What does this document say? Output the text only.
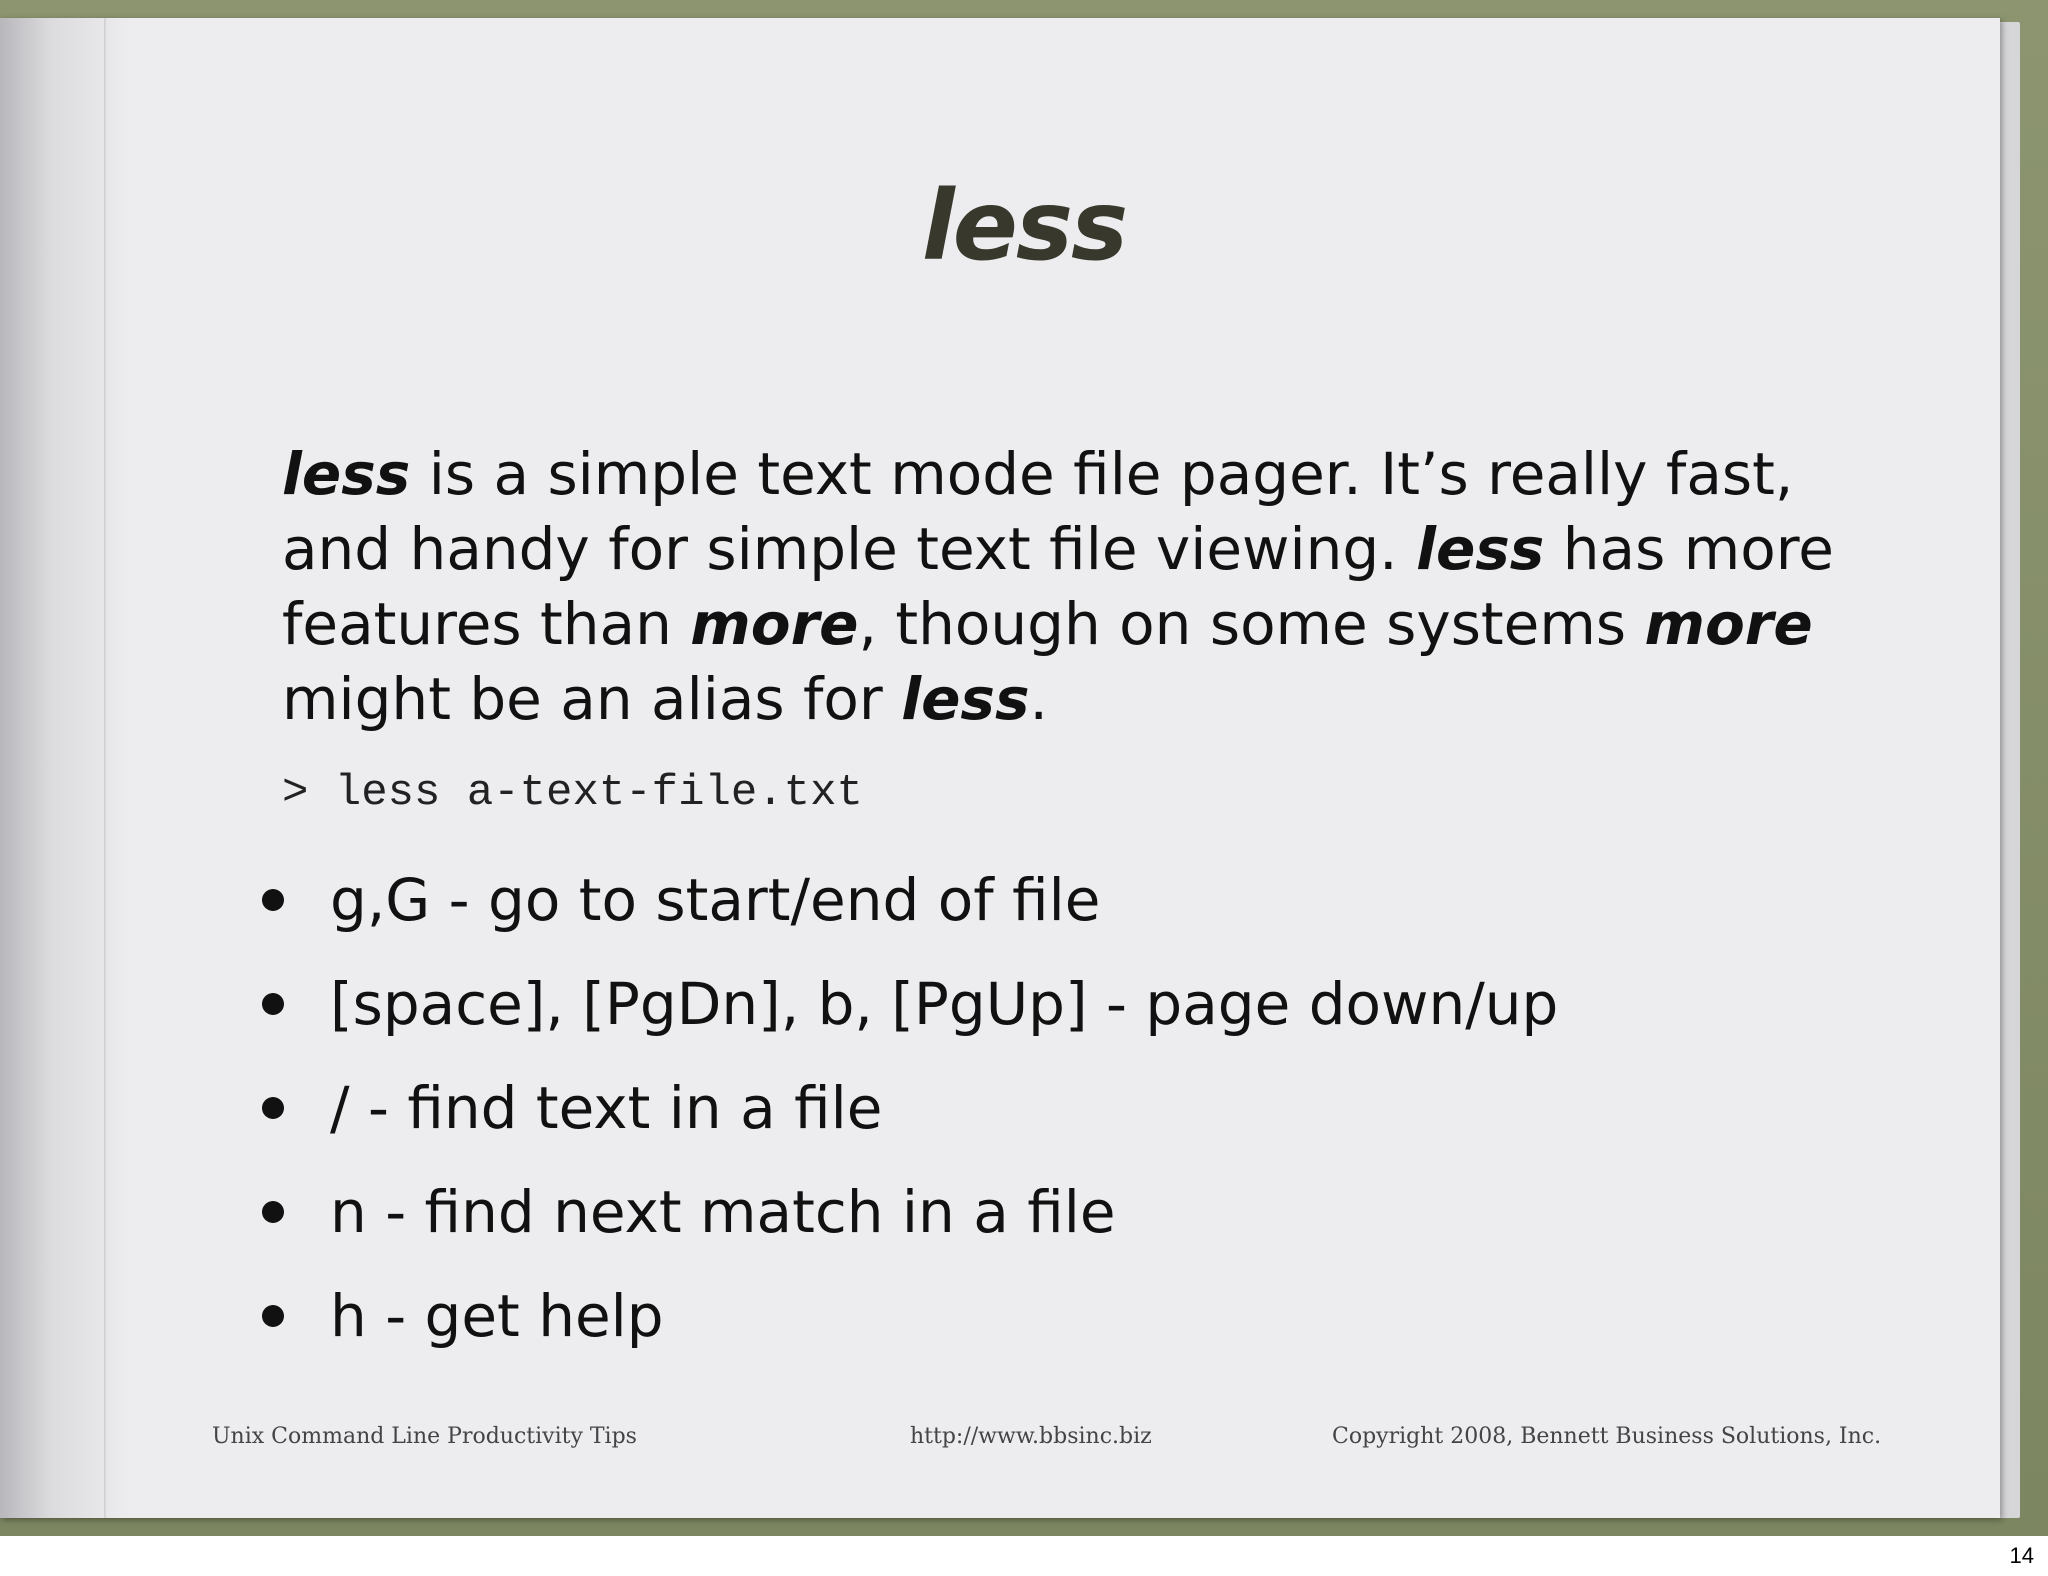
less
less is a simple text mode file pager. It’s really fast, and handy for simple text file viewing. less has more features than more, though on some systems more might be an alias for less.
> less a-text-file.txt
g,G - go to start/end of file
[space], [PgDn], b, [PgUp] - page down/up
/ - find text in a file
n - find next match in a file
h - get help
Unix Command Line Productivity Tips	http://www.bbsinc.biz	Copyright 2008, Bennett Business Solutions, Inc.
14
